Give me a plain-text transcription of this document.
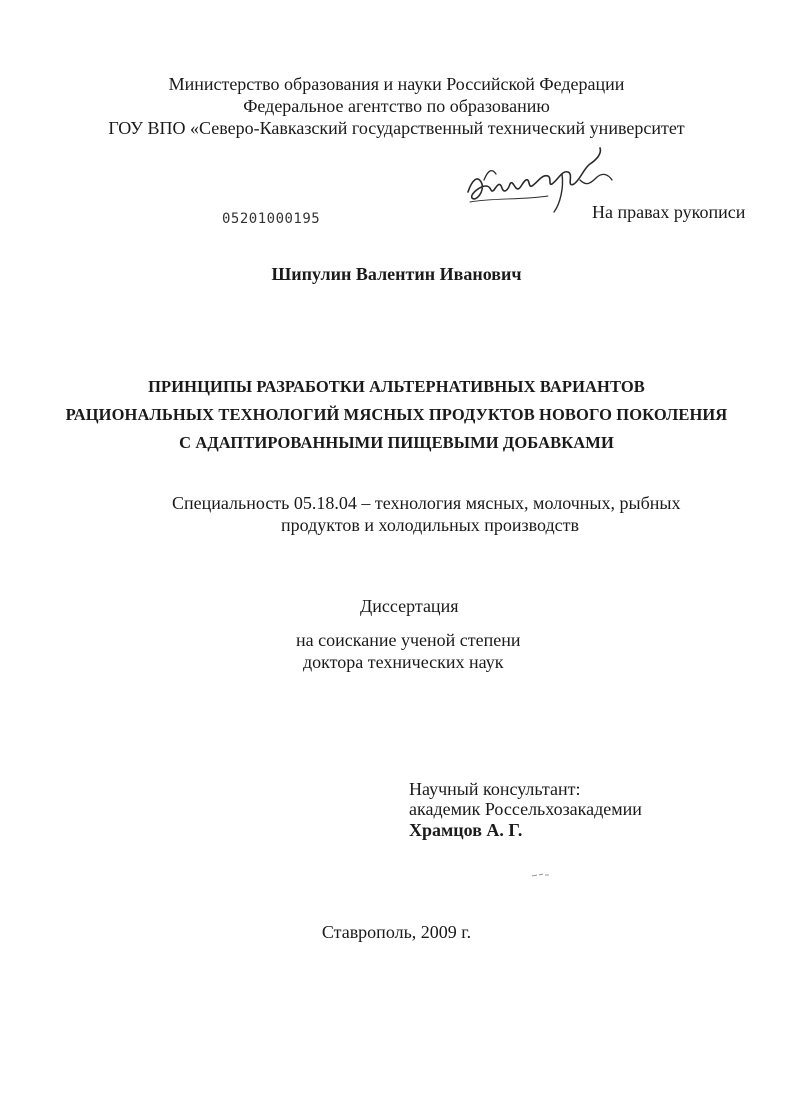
Министерство образования и науки Российской Федерации
Федеральное агентство по образованию
ГОУ ВПО «Северо-Кавказский государственный технический университет
05201000195	На правах рукописи
Шипулин Валентин Иванович
ПРИНЦИПЫ РАЗРАБОТКИ АЛЬТЕРНАТИВНЫХ ВАРИАНТОВ
РАЦИОНАЛЬНЫХ ТЕХНОЛОГИЙ МЯСНЫХ ПРОДУКТОВ НОВОГО ПОКОЛЕНИЯ
С АДАПТИРОВАННЫМИ ПИЩЕВЫМИ ДОБАВКАМИ
Специальность 05.18.04 – технология мясных, молочных, рыбных
продуктов и холодильных производств
Диссертация
на соискание ученой степени
доктора технических наук
Научный консультант:
академик Россельхозакадемии
Храмцов А. Г.
Ставрополь, 2009 г.
